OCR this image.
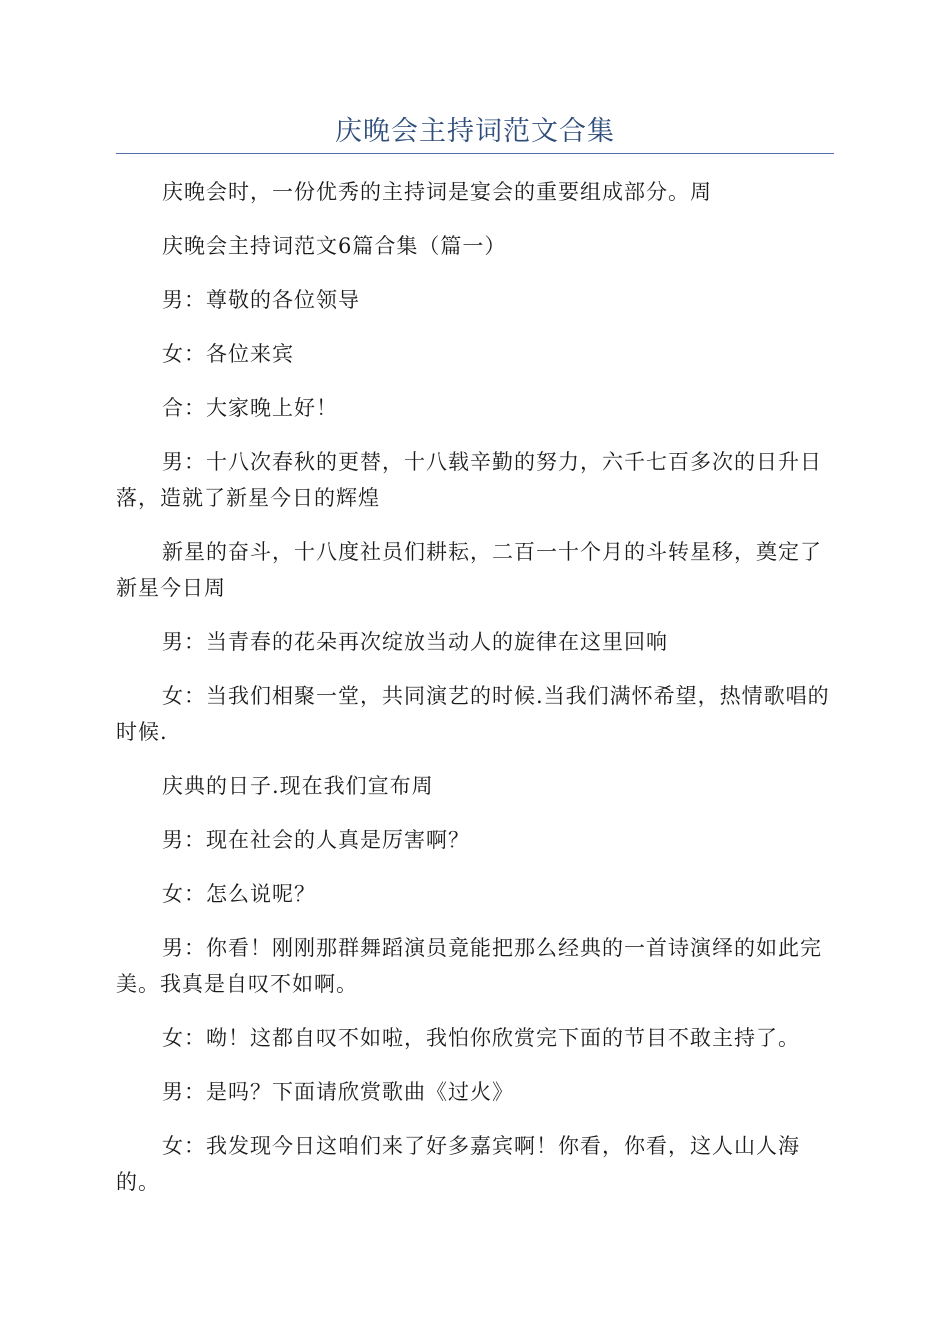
庆晚会主持词范文合集

庆晚会时，一份优秀的主持词是宴会的重要组成部分。周

庆晚会主持词范文6篇合集（篇一）

男：尊敬的各位领导

女：各位来宾

合：大家晚上好！

男：十八次春秋的更替，十八载辛勤的努力，六千七百多次的日升日落，造就了新星今日的辉煌

新星的奋斗，十八度社员们耕耘，二百一十个月的斗转星移，奠定了新星今日周

男：当青春的花朵再次绽放当动人的旋律在这里回响

女：当我们相聚一堂，共同演艺的时候.当我们满怀希望，热情歌唱的时候.

庆典的日子.现在我们宣布周

男：现在社会的人真是厉害啊？

女：怎么说呢？

男：你看！刚刚那群舞蹈演员竟能把那么经典的一首诗演绎的如此完美。我真是自叹不如啊。

女：呦！这都自叹不如啦，我怕你欣赏完下面的节目不敢主持了。

男：是吗？下面请欣赏歌曲《过火》

女：我发现今日这咱们来了好多嘉宾啊！你看，你看，这人山人海的。
